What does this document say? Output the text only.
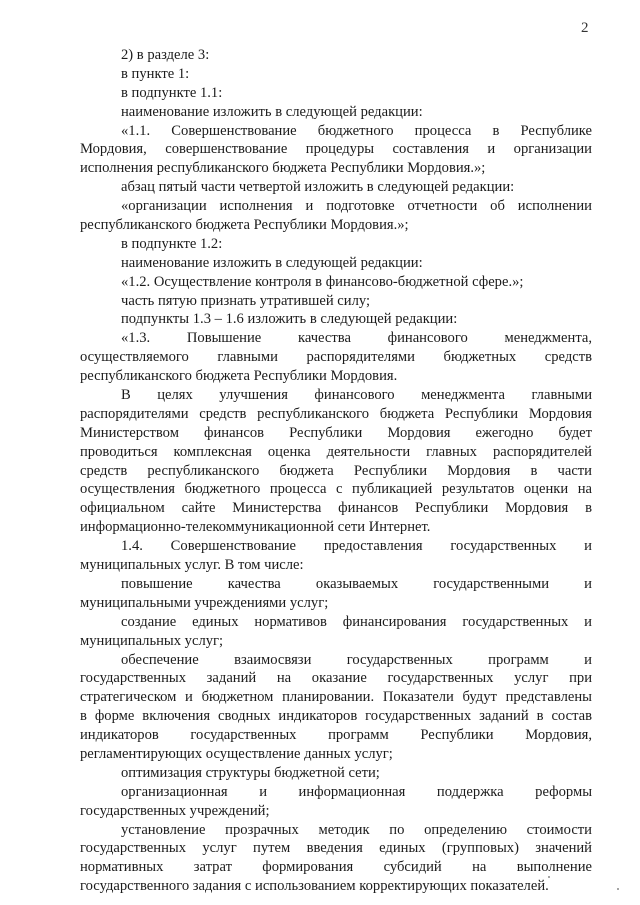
2
2) в разделе 3:
в пункте 1:
в подпункте 1.1:
наименование изложить в следующей редакции:
«1.1. Совершенствование бюджетного процесса в Республике
Мордовия, совершенствование процедуры составления и организации
исполнения республиканского бюджета Республики Мордовия.»;
абзац пятый части четвертой изложить в следующей редакции:
«организации исполнения и подготовке отчетности об исполнении
республиканского бюджета Республики Мордовия.»;
в подпункте 1.2:
наименование изложить в следующей редакции:
«1.2. Осуществление контроля в финансово-бюджетной сфере.»;
часть пятую признать утратившей силу;
подпункты 1.3 – 1.6 изложить в следующей редакции:
«1.3. Повышение качества финансового менеджмента,
осуществляемого главными распорядителями бюджетных средств
республиканского бюджета Республики Мордовия.
В целях улучшения финансового менеджмента главными
распорядителями средств республиканского бюджета Республики Мордовия
Министерством финансов Республики Мордовия ежегодно будет
проводиться комплексная оценка деятельности главных распорядителей
средств республиканского бюджета Республики Мордовия в части
осуществления бюджетного процесса с публикацией результатов оценки на
официальном сайте Министерства финансов Республики Мордовия в
информационно-телекоммуникационной сети Интернет.
1.4. Совершенствование предоставления государственных и
муниципальных услуг. В том числе:
повышение качества оказываемых государственными и
муниципальными учреждениями услуг;
создание единых нормативов финансирования государственных и
муниципальных услуг;
обеспечение взаимосвязи государственных программ и
государственных заданий на оказание государственных услуг при
стратегическом и бюджетном планировании. Показатели будут представлены
в форме включения сводных индикаторов государственных заданий в состав
индикаторов государственных программ Республики Мордовия,
регламентирующих осуществление данных услуг;
оптимизация структуры бюджетной сети;
организационная и информационная поддержка реформы
государственных учреждений;
установление прозрачных методик по определению стоимости
государственных услуг путем введения единых (групповых) значений
нормативных затрат формирования субсидий на выполнение
государственного задания с использованием корректирующих показателей.
